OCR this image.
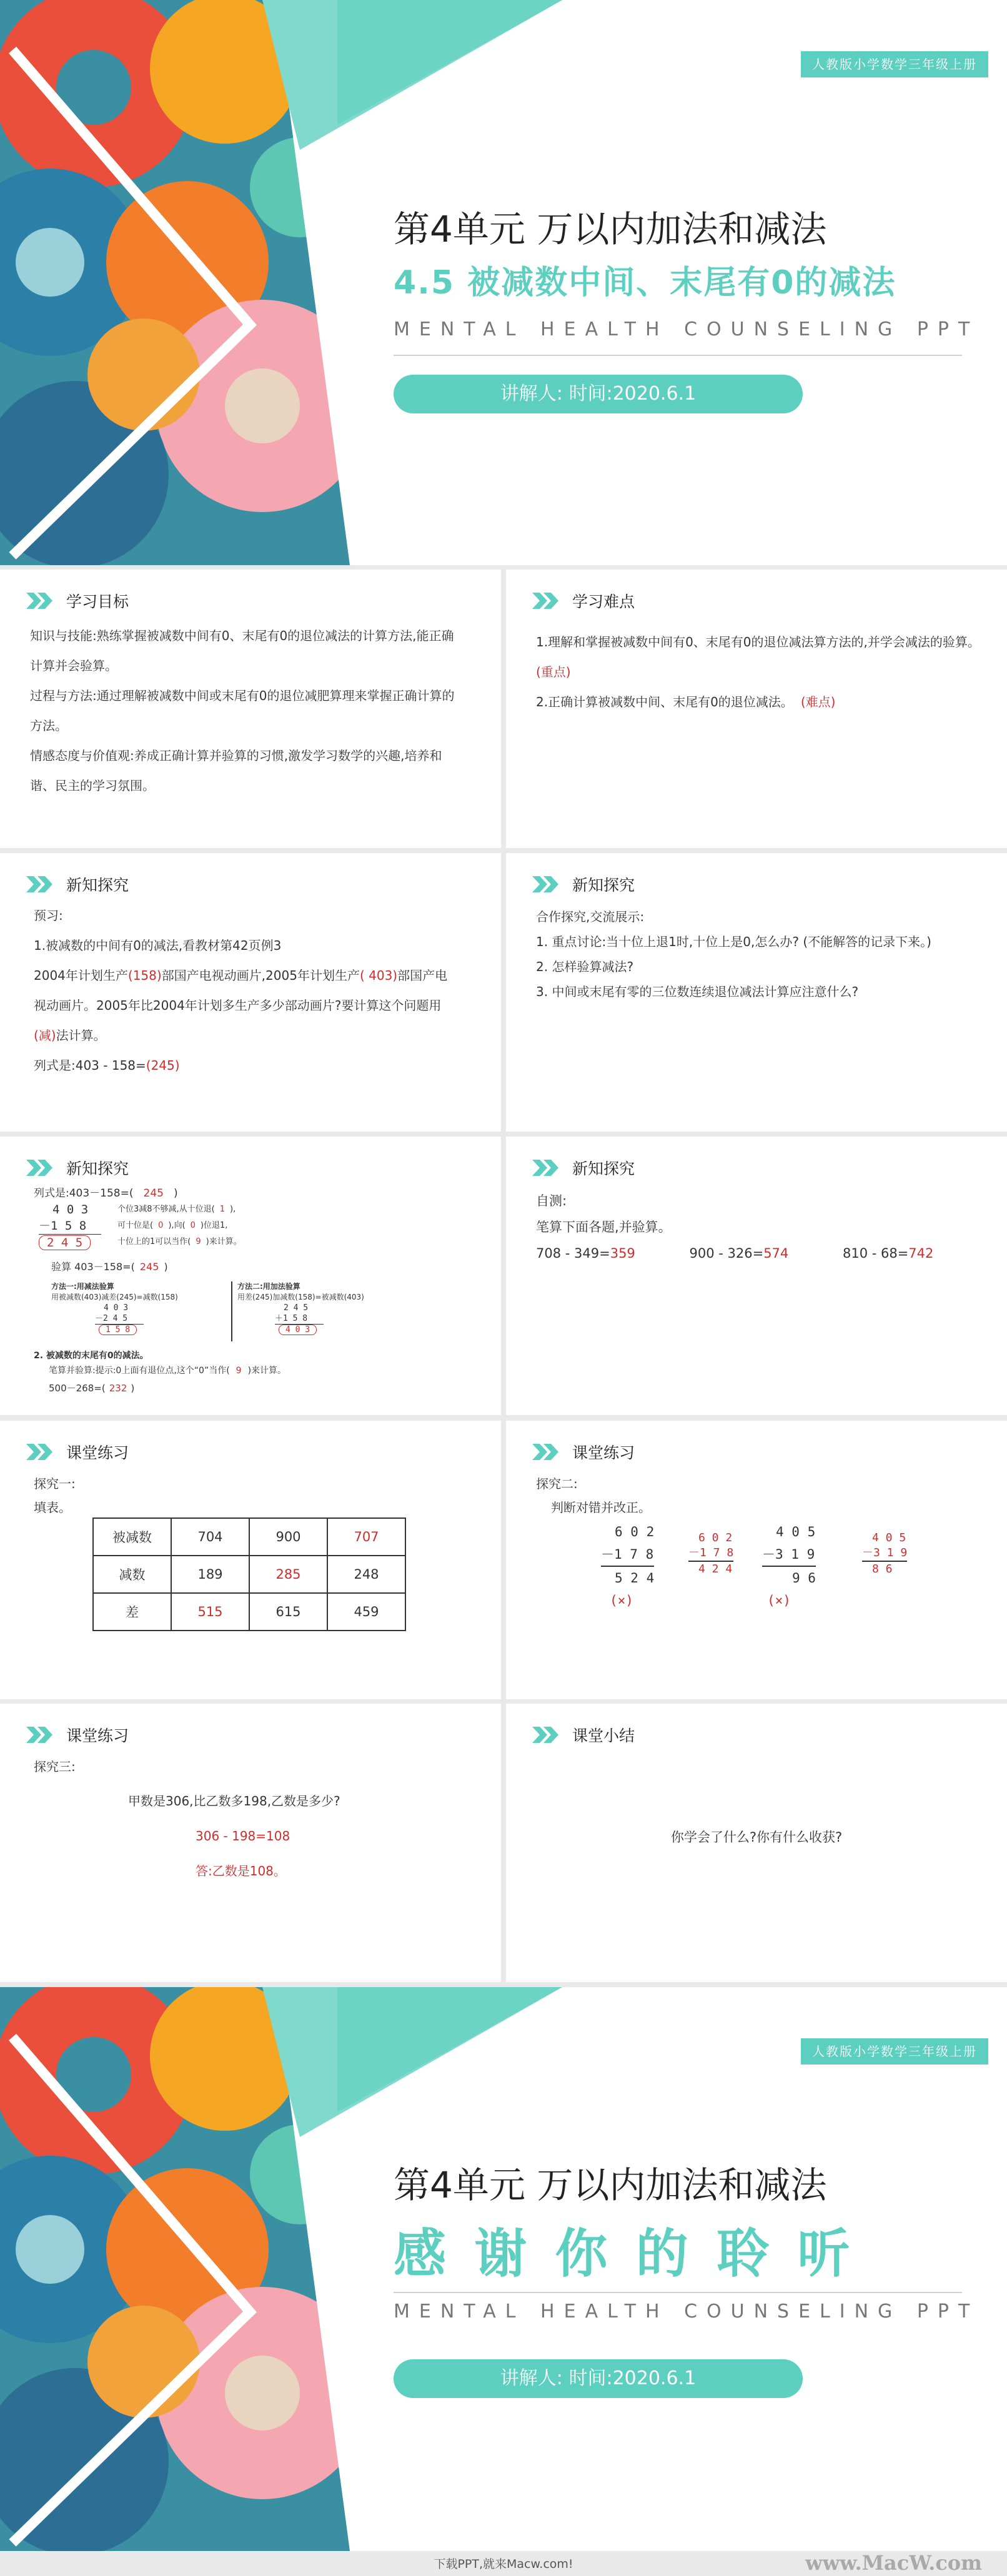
人教版小学数学三年级上册
第4单元 万以内加法和减法
4.5 被减数中间、末尾有0的减法
MENTAL HEALTH COUNSELING PPT
讲解人: 时间:2020.6.1
学习目标
知识与技能:熟练掌握被减数中间有0、末尾有0的退位减法的计算方法,能正确
计算并会验算。
过程与方法:通过理解被减数中间或末尾有0的退位减肥算理来掌握正确计算的
方法。
情感态度与价值观:养成正确计算并验算的习惯,激发学习数学的兴趣,培养和
谐、民主的学习氛围。
学习难点
1.理解和掌握被减数中间有0、末尾有0的退位减法算方法的,并学会减法的验算。
(重点)
2.正确计算被减数中间、末尾有0的退位减法。 (难点)
新知探究
预习:
1.被减数的中间有0的减法,看教材第42页例3
2004年计划生产(158)部国产电视动画片,2005年计划生产( 403)部国产电
视动画片。2005年比2004年计划多生产多少部动画片?要计算这个问题用
(减)法计算。
列式是:403 - 158=(245)
新知探究
合作探究,交流展示:
1. 重点讨论:当十位上退1时,十位上是0,怎么办? (不能解答的记录下来。)
2. 怎样验算减法?
3. 中间或末尾有零的三位数连续退位减法计算应注意什么?
新知探究
列式是:403－158=( 245 )
4 0 3
－1 5 8
2 4 5
个位3减8不够减,从十位退( 1 ),
可十位是( 0 ),向( 0 )位退1,
十位上的1可以当作( 9 )来计算。
验算 403－158=( 245 )
方法一:用减法验算
用被减数(403)减差(245)=减数(158)
4 0 3
－2 4 5
1 5 8
方法二:用加法验算
用差(245)加减数(158)=被减数(403)
2 4 5
＋1 5 8
4 0 3
2. 被减数的末尾有0的减法。
笔算并验算:提示:0上面有退位点,这个“0”当作( 9 )来计算。
500－268=( 232 )
新知探究
自测:
笔算下面各题,并验算。
708 - 349=359	900 - 326=574	810 - 68=742
课堂练习
探究一:
填表。
被减数	704	900	707
减数	189	285	248
差	515	615	459
课堂练习
探究二:
判断对错并改正。
6 0 2
－1 7 8
5 2 4
(×)
6 0 2
－1 7 8
4 2 4
4 0 5
－3 1 9
9 6
(×)
4 0 5
－3 1 9
8 6
课堂练习
探究三:
甲数是306,比乙数多198,乙数是多少?
306 - 198=108
答:乙数是108。
课堂小结
你学会了什么?你有什么收获?
人教版小学数学三年级上册
第4单元 万以内加法和减法
感 谢 你 的 聆 听
MENTAL HEALTH COUNSELING PPT
讲解人: 时间:2020.6.1
下载PPT,就来Macw.com!	www.MacW.com
